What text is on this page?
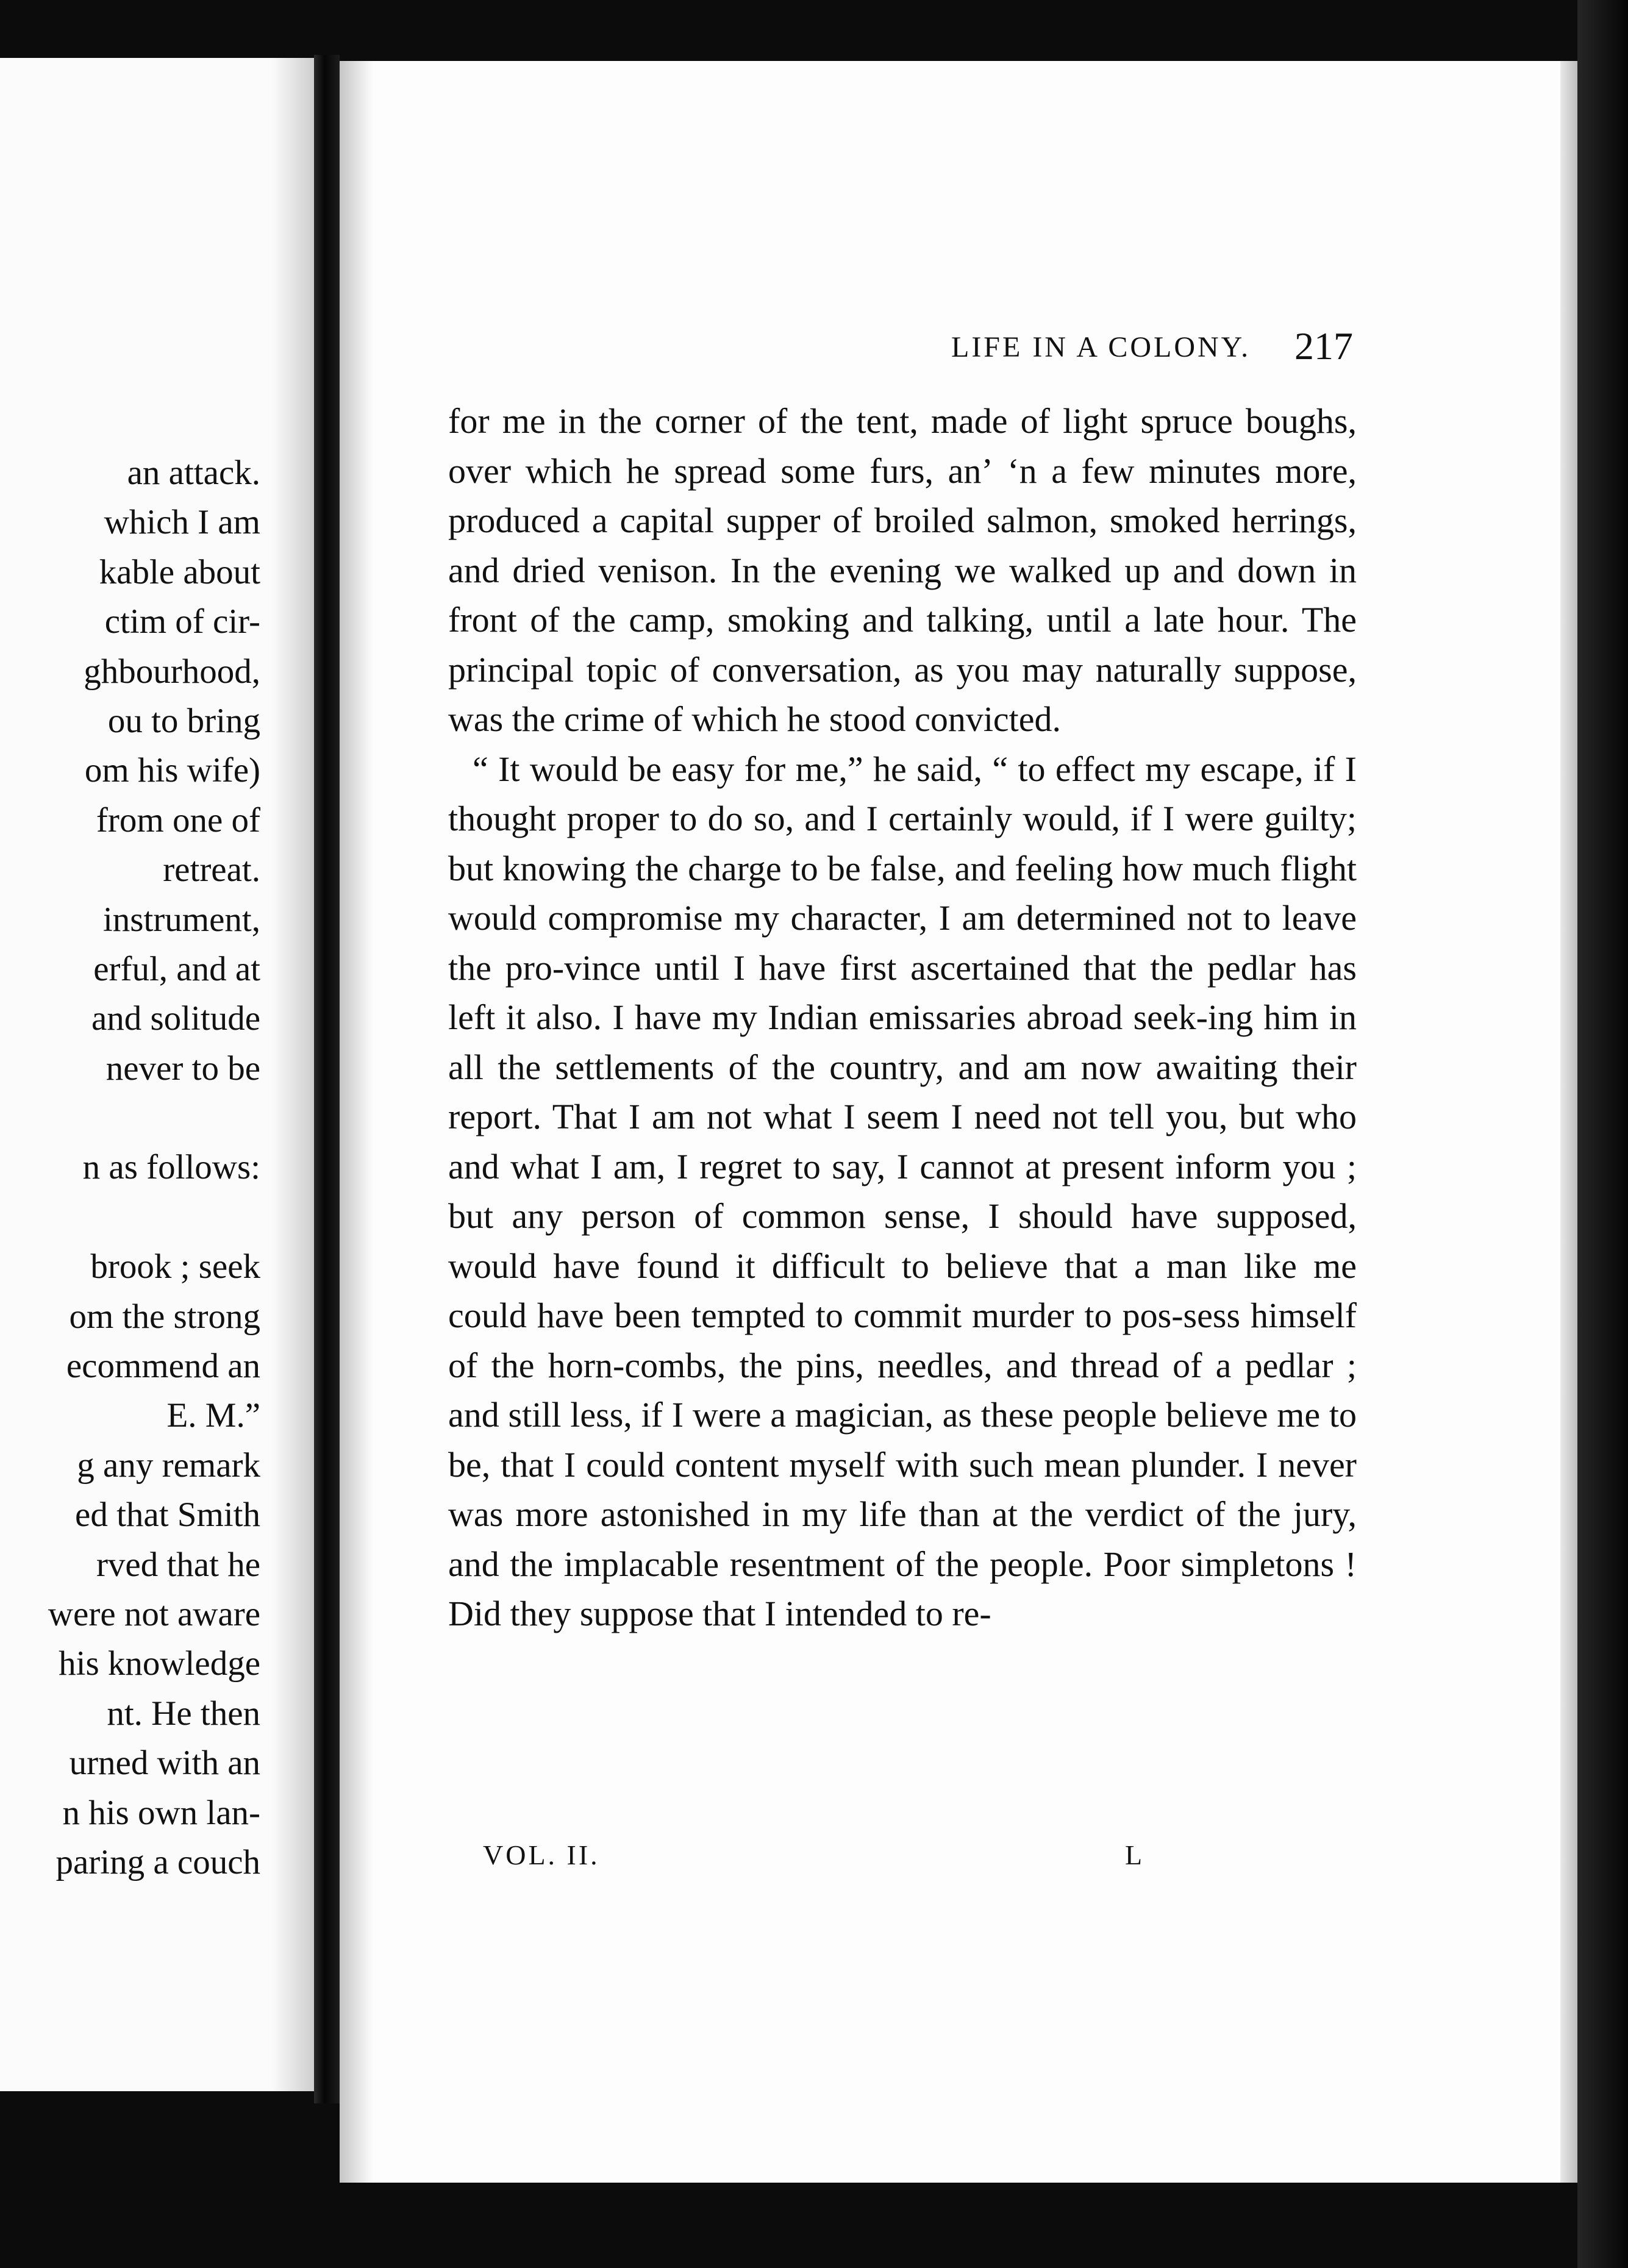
an attack.
which I am
kable about
ctim of cir-
ghbourhood,
ou to bring
om his wife)
from one of
retreat.
instrument,
erful, and at
and solitude
never to be
n as follows:
brook ; seek
om the strong
ecommend an
E. M.”
g any remark
ed that Smith
rved that he
were not aware
his knowledge
nt. He then
urned with an
n his own lan-
paring a couch
LIFE IN A COLONY.	217

for me in the corner of the tent, made of light spruce boughs, over which he spread some furs, anʼ ʻn a few minutes more, produced a capital supper of broiled salmon, smoked herrings, and dried venison. In the evening we walked up and down in front of the camp, smoking and talking, until a late hour. The principal topic of conversation, as you may naturally suppose, was the crime of which he stood convicted.

“ It would be easy for me,” he said, “ to effect my escape, if I thought proper to do so, and I certainly would, if I were guilty; but knowing the charge to be false, and feeling how much flight would compromise my character, I am determined not to leave the pro-vince until I have first ascertained that the pedlar has left it also. I have my Indian emissaries abroad seek-ing him in all the settlements of the country, and am now awaiting their report. That I am not what I seem I need not tell you, but who and what I am, I regret to say, I cannot at present inform you ; but any person of common sense, I should have supposed, would have found it difficult to believe that a man like me could have been tempted to commit murder to pos-sess himself of the horn-combs, the pins, needles, and thread of a pedlar ; and still less, if I were a magician, as these people believe me to be, that I could content myself with such mean plunder. I never was more astonished in my life than at the verdict of the jury, and the implacable resentment of the people. Poor simpletons ! Did they suppose that I intended to re-

VOL. II.	L
